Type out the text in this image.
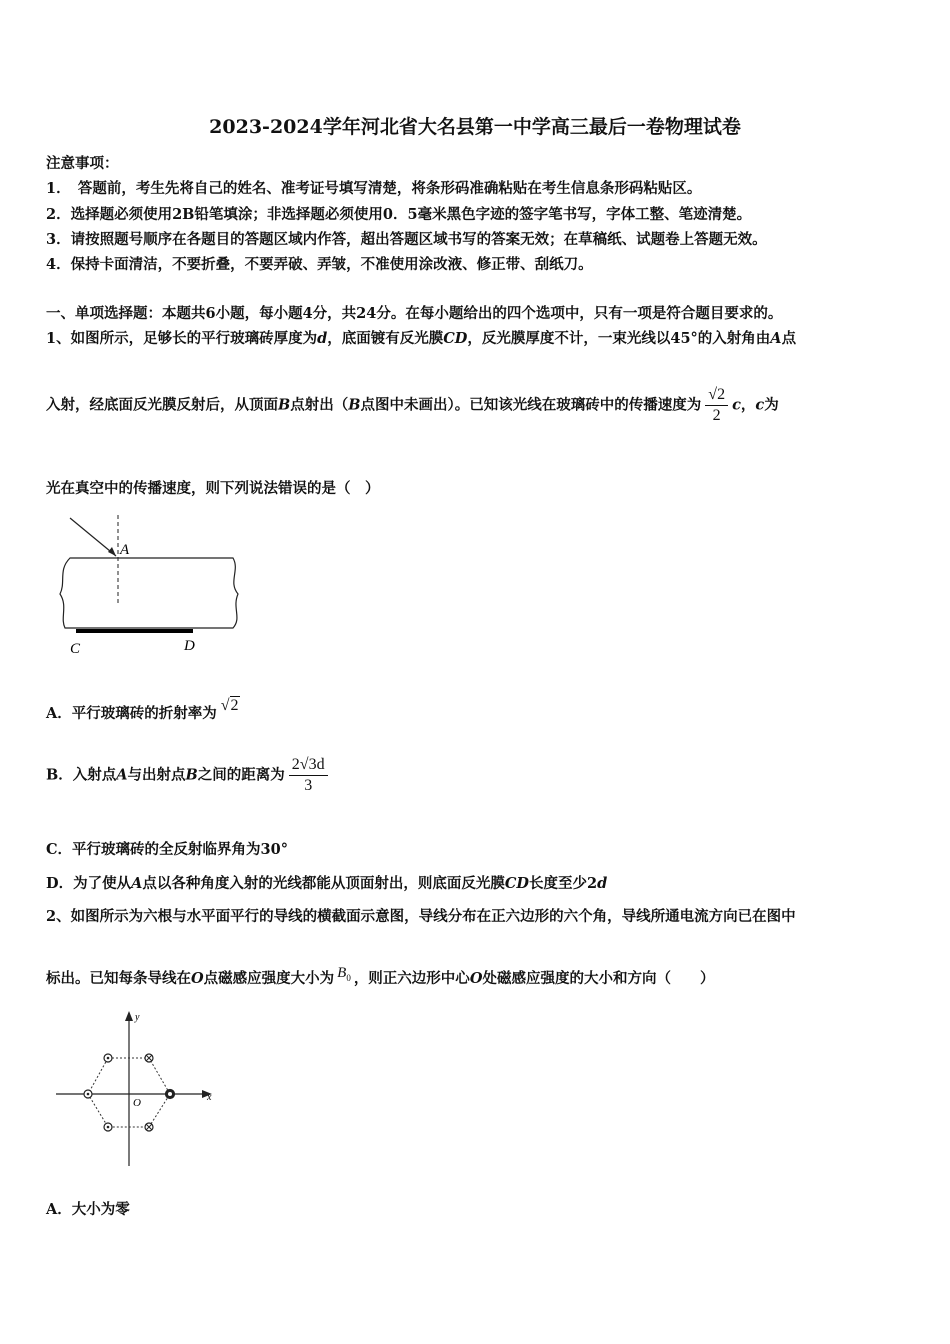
2023-2024学年河北省大名县第一中学高三最后一卷物理试卷
注意事项：
1．　答题前，考生先将自己的姓名、准考证号填写清楚，将条形码准确粘贴在考生信息条形码粘贴区。
2．选择题必须使用2B铅笔填涂；非选择题必须使用0．5毫米黑色字迹的签字笔书写，字体工整、笔迹清楚。
3．请按照题号顺序在各题目的答题区域内作答，超出答题区域书写的答案无效；在草稿纸、试题卷上答题无效。
4．保持卡面清洁，不要折叠，不要弄破、弄皱，不准使用涂改液、修正带、刮纸刀。
一、单项选择题：本题共6小题，每小题4分，共24分。在每小题给出的四个选项中，只有一项是符合题目要求的。
1、如图所示，足够长的平行玻璃砖厚度为d，底面镀有反光膜CD，反光膜厚度不计，一束光线以45°的入射角由A点
入射，经底面反光膜反射后，从顶面B点射出（B点图中未画出）。已知该光线在玻璃砖中的传播速度为 $\frac{√2}{2}$ c，c为
光在真空中的传播速度，则下列说法错误的是（　）
A
C	D
A．平行玻璃砖的折射率为 √2
B．入射点A与出射点B之间的距离为 $\frac{2√3d}{3}$
C．平行玻璃砖的全反射临界角为30°
D．为了使从A点以各种角度入射的光线都能从顶面射出，则底面反光膜CD长度至少2d
2、如图所示为六根与水平面平行的导线的横截面示意图，导线分布在正六边形的六个角，导线所通电流方向已在图中
标出。已知每条导线在O点磁感应强度大小为 $B_0$ ，则正六边形中心O处磁感应强度的大小和方向（　　）
x
y
O
A．大小为零
